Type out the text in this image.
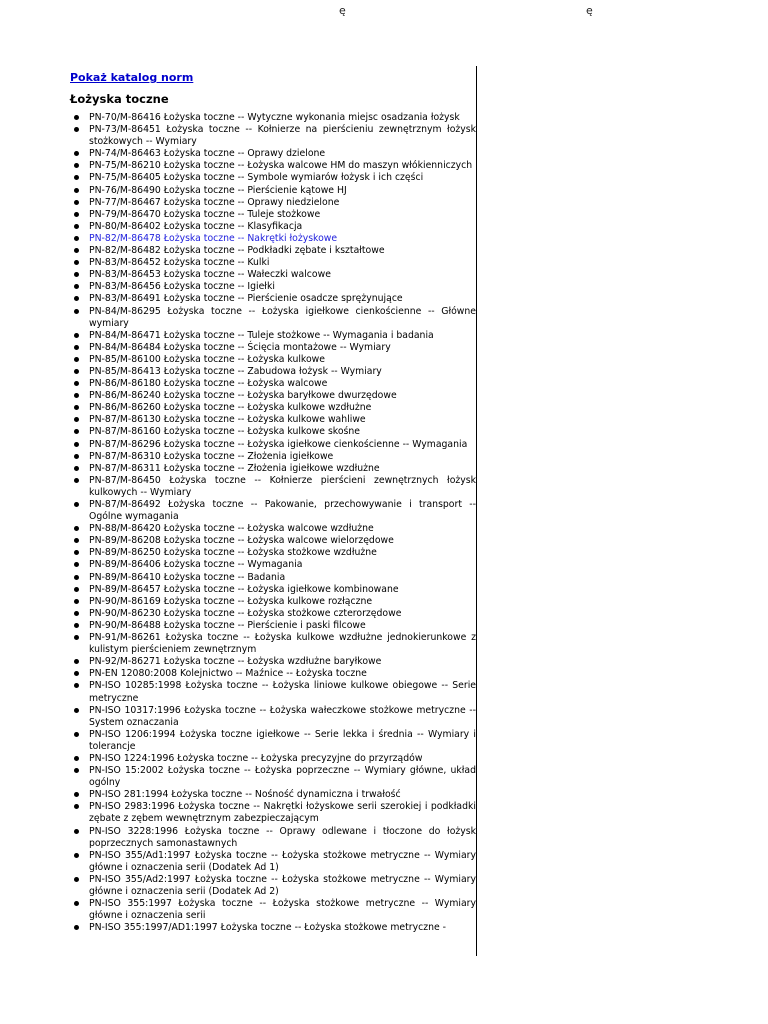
ę	ę
Pokaż katalog norm
Łożyska toczne
PN-70/M-86416 Łożyska toczne -- Wytyczne wykonania miejsc osadzania łożysk
PN-73/M-86451 Łożyska toczne -- Kołnierze na pierścieniu zewnętrznym łożysk stożkowych -- Wymiary
PN-74/M-86463 Łożyska toczne -- Oprawy dzielone
PN-75/M-86210 Łożyska toczne -- Łożyska walcowe HM do maszyn włókienniczych
PN-75/M-86405 Łożyska toczne -- Symbole wymiarów łożysk i ich części
PN-76/M-86490 Łożyska toczne -- Pierścienie kątowe HJ
PN-77/M-86467 Łożyska toczne -- Oprawy niedzielone
PN-79/M-86470 Łożyska toczne -- Tuleje stożkowe
PN-80/M-86402 Łożyska toczne -- Klasyfikacja
PN-82/M-86478 Łożyska toczne -- Nakrętki łożyskowe
PN-82/M-86482 Łożyska toczne -- Podkładki zębate i kształtowe
PN-83/M-86452 Łożyska toczne -- Kulki
PN-83/M-86453 Łożyska toczne -- Wałeczki walcowe
PN-83/M-86456 Łożyska toczne -- Igiełki
PN-83/M-86491 Łożyska toczne -- Pierścienie osadcze sprężynujące
PN-84/M-86295 Łożyska toczne -- Łożyska igiełkowe cienkościenne -- Główne wymiary
PN-84/M-86471 Łożyska toczne -- Tuleje stożkowe -- Wymagania i badania
PN-84/M-86484 Łożyska toczne -- Ścięcia montażowe -- Wymiary
PN-85/M-86100 Łożyska toczne -- Łożyska kulkowe
PN-85/M-86413 Łożyska toczne -- Zabudowa łożysk -- Wymiary
PN-86/M-86180 Łożyska toczne -- Łożyska walcowe
PN-86/M-86240 Łożyska toczne -- Łożyska baryłkowe dwurzędowe
PN-86/M-86260 Łożyska toczne -- Łożyska kulkowe wzdłużne
PN-87/M-86130 Łożyska toczne -- Łożyska kulkowe wahliwe
PN-87/M-86160 Łożyska toczne -- Łożyska kulkowe skośne
PN-87/M-86296 Łożyska toczne -- Łożyska igiełkowe cienkościenne -- Wymagania
PN-87/M-86310 Łożyska toczne -- Złożenia igiełkowe
PN-87/M-86311 Łożyska toczne -- Złożenia igiełkowe wzdłużne
PN-87/M-86450 Łożyska toczne -- Kołnierze pierścieni zewnętrznych łożysk kulkowych -- Wymiary
PN-87/M-86492 Łożyska toczne -- Pakowanie, przechowywanie i transport -- Ogólne wymagania
PN-88/M-86420 Łożyska toczne -- Łożyska walcowe wzdłużne
PN-89/M-86208 Łożyska toczne -- Łożyska walcowe wielorzędowe
PN-89/M-86250 Łożyska toczne -- Łożyska stożkowe wzdłużne
PN-89/M-86406 Łożyska toczne -- Wymagania
PN-89/M-86410 Łożyska toczne -- Badania
PN-89/M-86457 Łożyska toczne -- Łożyska igiełkowe kombinowane
PN-90/M-86169 Łożyska toczne -- Łożyska kulkowe rozłączne
PN-90/M-86230 Łożyska toczne -- Łożyska stożkowe czterorzędowe
PN-90/M-86488 Łożyska toczne -- Pierścienie i paski filcowe
PN-91/M-86261 Łożyska toczne -- Łożyska kulkowe wzdłużne jednokierunkowe z kulistym pierścieniem zewnętrznym
PN-92/M-86271 Łożyska toczne -- Łożyska wzdłużne baryłkowe
PN-EN 12080:2008 Kolejnictwo -- Maźnice -- Łożyska toczne
PN-ISO 10285:1998 Łożyska toczne -- Łożyska liniowe kulkowe obiegowe -- Serie metryczne
PN-ISO 10317:1996 Łożyska toczne -- Łożyska wałeczkowe stożkowe metryczne -- System oznaczania
PN-ISO 1206:1994 Łożyska toczne igiełkowe -- Serie lekka i średnia -- Wymiary i tolerancje
PN-ISO 1224:1996 Łożyska toczne -- Łożyska precyzyjne do przyrządów
PN-ISO 15:2002 Łożyska toczne -- Łożyska poprzeczne -- Wymiary główne, układ ogólny
PN-ISO 281:1994 Łożyska toczne -- Nośność dynamiczna i trwałość
PN-ISO 2983:1996 Łożyska toczne -- Nakrętki łożyskowe serii szerokiej i podkładki zębate z zębem wewnętrznym zabezpieczającym
PN-ISO 3228:1996 Łożyska toczne -- Oprawy odlewane i tłoczone do łożysk poprzecznych samonastawnych
PN-ISO 355/Ad1:1997 Łożyska toczne -- Łożyska stożkowe metryczne -- Wymiary główne i oznaczenia serii (Dodatek Ad 1)
PN-ISO 355/Ad2:1997 Łożyska toczne -- Łożyska stożkowe metryczne -- Wymiary główne i oznaczenia serii (Dodatek Ad 2)
PN-ISO 355:1997 Łożyska toczne -- Łożyska stożkowe metryczne -- Wymiary główne i oznaczenia serii
PN-ISO 355:1997/AD1:1997 Łożyska toczne -- Łożyska stożkowe metryczne -
